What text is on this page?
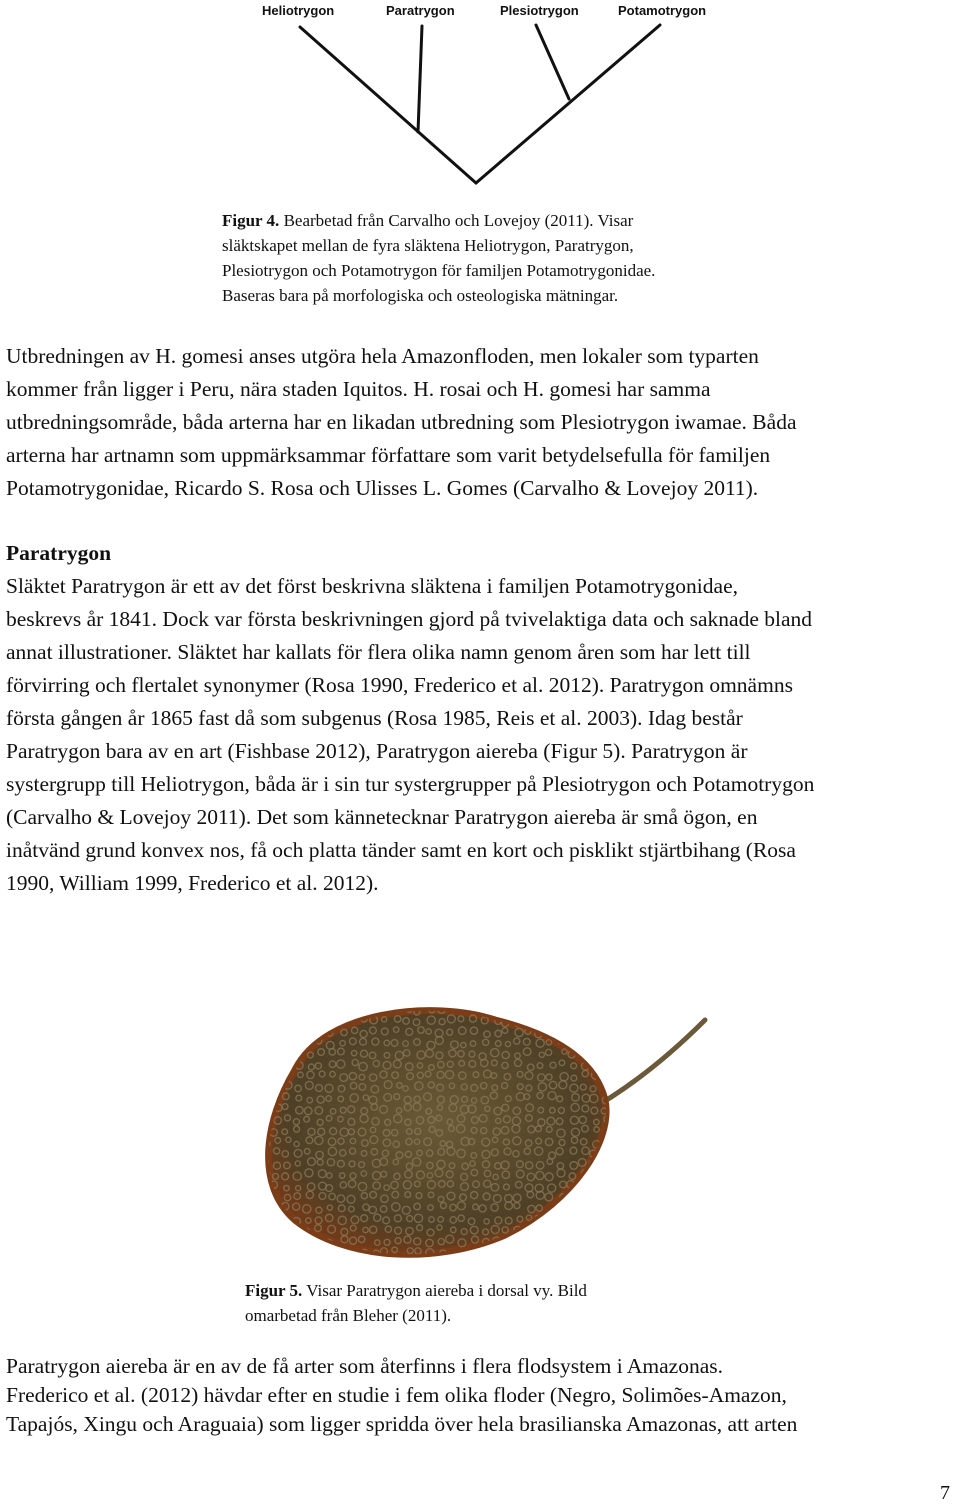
Heliotrygon	Paratrygon	Plesiotrygon	Potamotrygon
Figur 4. Bearbetad från Carvalho och Lovejoy (2011). Visar
släktskapet mellan de fyra släktena Heliotrygon, Paratrygon,
Plesiotrygon och Potamotrygon för familjen Potamotrygonidae.
Baseras bara på morfologiska och osteologiska mätningar.
Utbredningen av H. gomesi anses utgöra hela Amazonfloden, men lokaler som typarten
kommer från ligger i Peru, nära staden Iquitos. H. rosai och H. gomesi har samma
utbredningsområde, båda arterna har en likadan utbredning som Plesiotrygon iwamae. Båda
arterna har artnamn som uppmärksammar författare som varit betydelsefulla för familjen
Potamotrygonidae, Ricardo S. Rosa och Ulisses L. Gomes (Carvalho & Lovejoy 2011).
Paratrygon
Släktet Paratrygon är ett av det först beskrivna släktena i familjen Potamotrygonidae,
beskrevs år 1841. Dock var första beskrivningen gjord på tvivelaktiga data och saknade bland
annat illustrationer. Släktet har kallats för flera olika namn genom åren som har lett till
förvirring och flertalet synonymer (Rosa 1990, Frederico et al. 2012). Paratrygon omnämns
första gången år 1865 fast då som subgenus (Rosa 1985, Reis et al. 2003). Idag består
Paratrygon bara av en art (Fishbase 2012), Paratrygon aiereba (Figur 5). Paratrygon är
systergrupp till Heliotrygon, båda är i sin tur systergrupper på Plesiotrygon och Potamotrygon
(Carvalho & Lovejoy 2011). Det som kännetecknar Paratrygon aiereba är små ögon, en
inåtvänd grund konvex nos, få och platta tänder samt en kort och pisklikt stjärtbihang (Rosa
1990, William 1999, Frederico et al. 2012).
Figur 5. Visar Paratrygon aiereba i dorsal vy. Bild
omarbetad från Bleher (2011).
Paratrygon aiereba är en av de få arter som återfinns i flera flodsystem i Amazonas.
Frederico et al. (2012) hävdar efter en studie i fem olika floder (Negro, Solimões-Amazon,
Tapajós, Xingu och Araguaia) som ligger spridda över hela brasilianska Amazonas, att arten
7
